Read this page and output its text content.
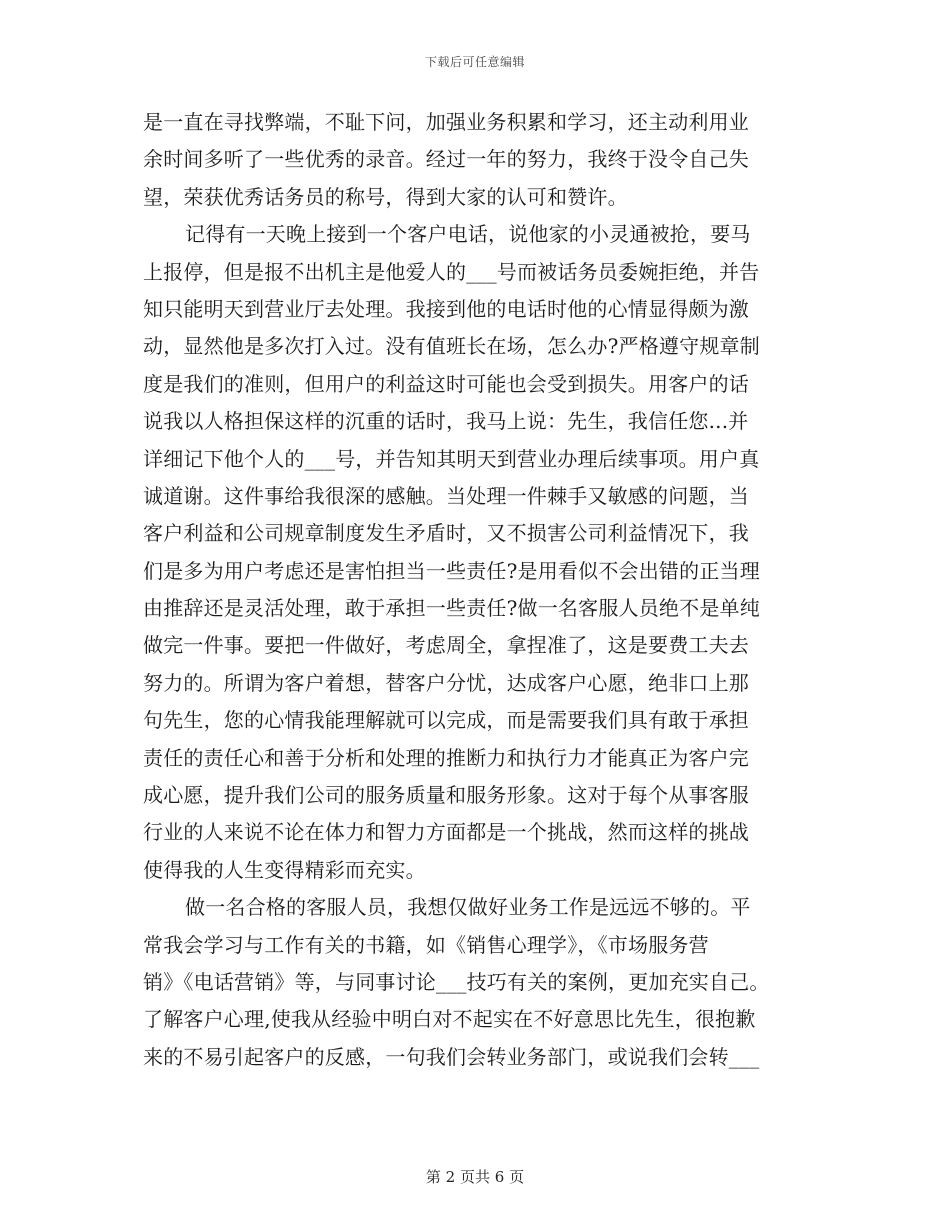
下载后可任意编辑
是一直在寻找弊端，不耻下问，加强业务积累和学习，还主动利用业
余时间多听了一些优秀的录音。经过一年的努力，我终于没令自己失
望，荣获优秀话务员的称号，得到大家的认可和赞许。
记得有一天晚上接到一个客户电话，说他家的小灵通被抢，要马
上报停，但是报不出机主是他爱人的___号而被话务员委婉拒绝，并告
知只能明天到营业厅去处理。我接到他的电话时他的心情显得颇为激
动，显然他是多次打入过。没有值班长在场，怎么办?严格遵守规章制
度是我们的准则，但用户的利益这时可能也会受到损失。用客户的话
说我以人格担保这样的沉重的话时，我马上说：先生，我信任您...并
详细记下他个人的___号，并告知其明天到营业办理后续事项。用户真
诚道谢。这件事给我很深的感触。当处理一件棘手又敏感的问题，当
客户利益和公司规章制度发生矛盾时，又不损害公司利益情况下，我
们是多为用户考虑还是害怕担当一些责任?是用看似不会出错的正当理
由推辞还是灵活处理，敢于承担一些责任?做一名客服人员绝不是单纯
做完一件事。要把一件做好，考虑周全，拿捏准了，这是要费工夫去
努力的。所谓为客户着想，替客户分忧，达成客户心愿，绝非口上那
句先生，您的心情我能理解就可以完成，而是需要我们具有敢于承担
责任的责任心和善于分析和处理的推断力和执行力才能真正为客户完
成心愿，提升我们公司的服务质量和服务形象。这对于每个从事客服
行业的人来说不论在体力和智力方面都是一个挑战，然而这样的挑战
使得我的人生变得精彩而充实。
做一名合格的客服人员，我想仅做好业务工作是远远不够的。平
常我会学习与工作有关的书籍，如《销售心理学》，《市场服务营
销》《电话营销》等，与同事讨论___技巧有关的案例，更加充实自己。
了解客户心理,使我从经验中明白对不起实在不好意思比先生，很抱歉
来的不易引起客户的反感，一句我们会转业务部门，或说我们会转___
第 2 页共 6 页
